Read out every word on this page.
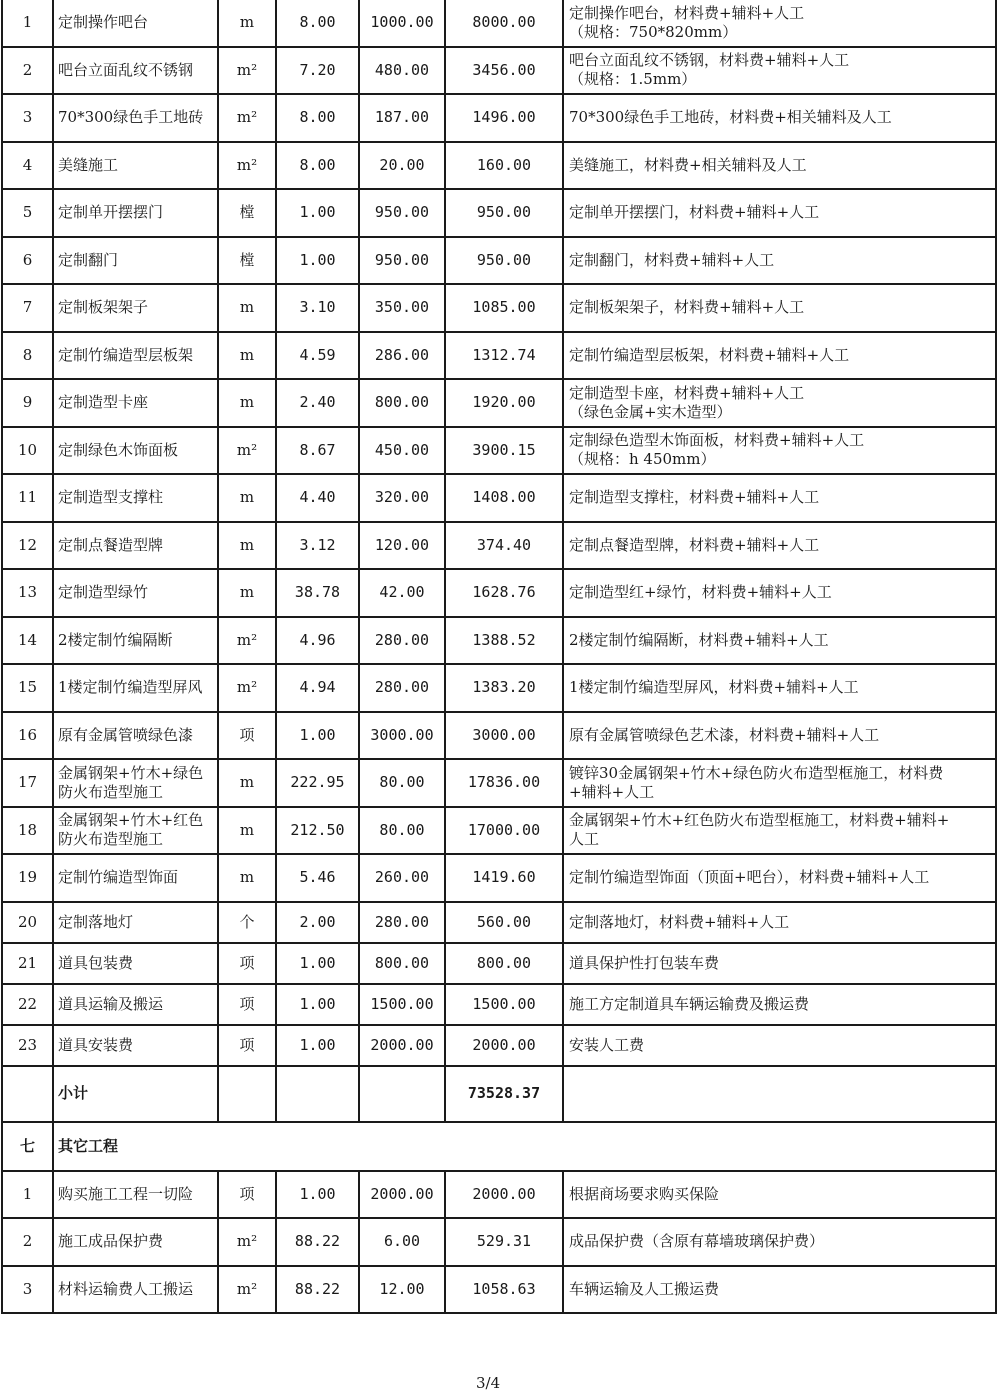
1	定制操作吧台	m	8.00	1000.00	8000.00	定制操作吧台，材料费+辅料+人工
（规格：750*820mm）

2	吧台立面乱纹不锈钢	m²	7.20	480.00	3456.00	吧台立面乱纹不锈钢，材料费+辅料+人工
（规格：1.5mm）

3	70*300绿色手工地砖	m²	8.00	187.00	1496.00	70*300绿色手工地砖，材料费+相关辅料及人工

4	美缝施工	m²	8.00	20.00	160.00	美缝施工，材料费+相关辅料及人工

5	定制单开摆摆门	樘	1.00	950.00	950.00	定制单开摆摆门，材料费+辅料+人工

6	定制翻门	樘	1.00	950.00	950.00	定制翻门，材料费+辅料+人工

7	定制板架架子	m	3.10	350.00	1085.00	定制板架架子，材料费+辅料+人工

8	定制竹编造型层板架	m	4.59	286.00	1312.74	定制竹编造型层板架，材料费+辅料+人工

9	定制造型卡座	m	2.40	800.00	1920.00	定制造型卡座，材料费+辅料+人工
（绿色金属+实木造型）

10	定制绿色木饰面板	m²	8.67	450.00	3900.15	定制绿色造型木饰面板，材料费+辅料+人工
（规格：h 450mm）

11	定制造型支撑柱	m	4.40	320.00	1408.00	定制造型支撑柱，材料费+辅料+人工

12	定制点餐造型牌	m	3.12	120.00	374.40	定制点餐造型牌，材料费+辅料+人工

13	定制造型绿竹	m	38.78	42.00	1628.76	定制造型红+绿竹，材料费+辅料+人工

14	2楼定制竹编隔断	m²	4.96	280.00	1388.52	2楼定制竹编隔断，材料费+辅料+人工

15	1楼定制竹编造型屏风	m²	4.94	280.00	1383.20	1楼定制竹编造型屏风，材料费+辅料+人工

16	原有金属管喷绿色漆	项	1.00	3000.00	3000.00	原有金属管喷绿色艺术漆，材料费+辅料+人工

17	金属钢架+竹木+绿色防火布造型施工	m	222.95	80.00	17836.00	镀锌30金属钢架+竹木+绿色防火布造型框施工，材料费
+辅料+人工

18	金属钢架+竹木+红色防火布造型施工	m	212.50	80.00	17000.00	金属钢架+竹木+红色防火布造型框施工，材料费+辅料+
人工

19	定制竹编造型饰面	m	5.46	260.00	1419.60	定制竹编造型饰面（顶面+吧台），材料费+辅料+人工

20	定制落地灯	个	2.00	280.00	560.00	定制落地灯，材料费+辅料+人工

21	道具包装费	项	1.00	800.00	800.00	道具保护性打包装车费

22	道具运输及搬运	项	1.00	1500.00	1500.00	施工方定制道具车辆运输费及搬运费

23	道具安装费	项	1.00	2000.00	2000.00	安装人工费

	小计				73528.37	
七	其它工程					
1	购买施工工程一切险	项	1.00	2000.00	2000.00	根据商场要求购买保险

2	施工成品保护费	m²	88.22	6.00	529.31	成品保护费（含原有幕墙玻璃保护费）

3	材料运输费人工搬运	m²	88.22	12.00	1058.63	车辆运输及人工搬运费
3/4
